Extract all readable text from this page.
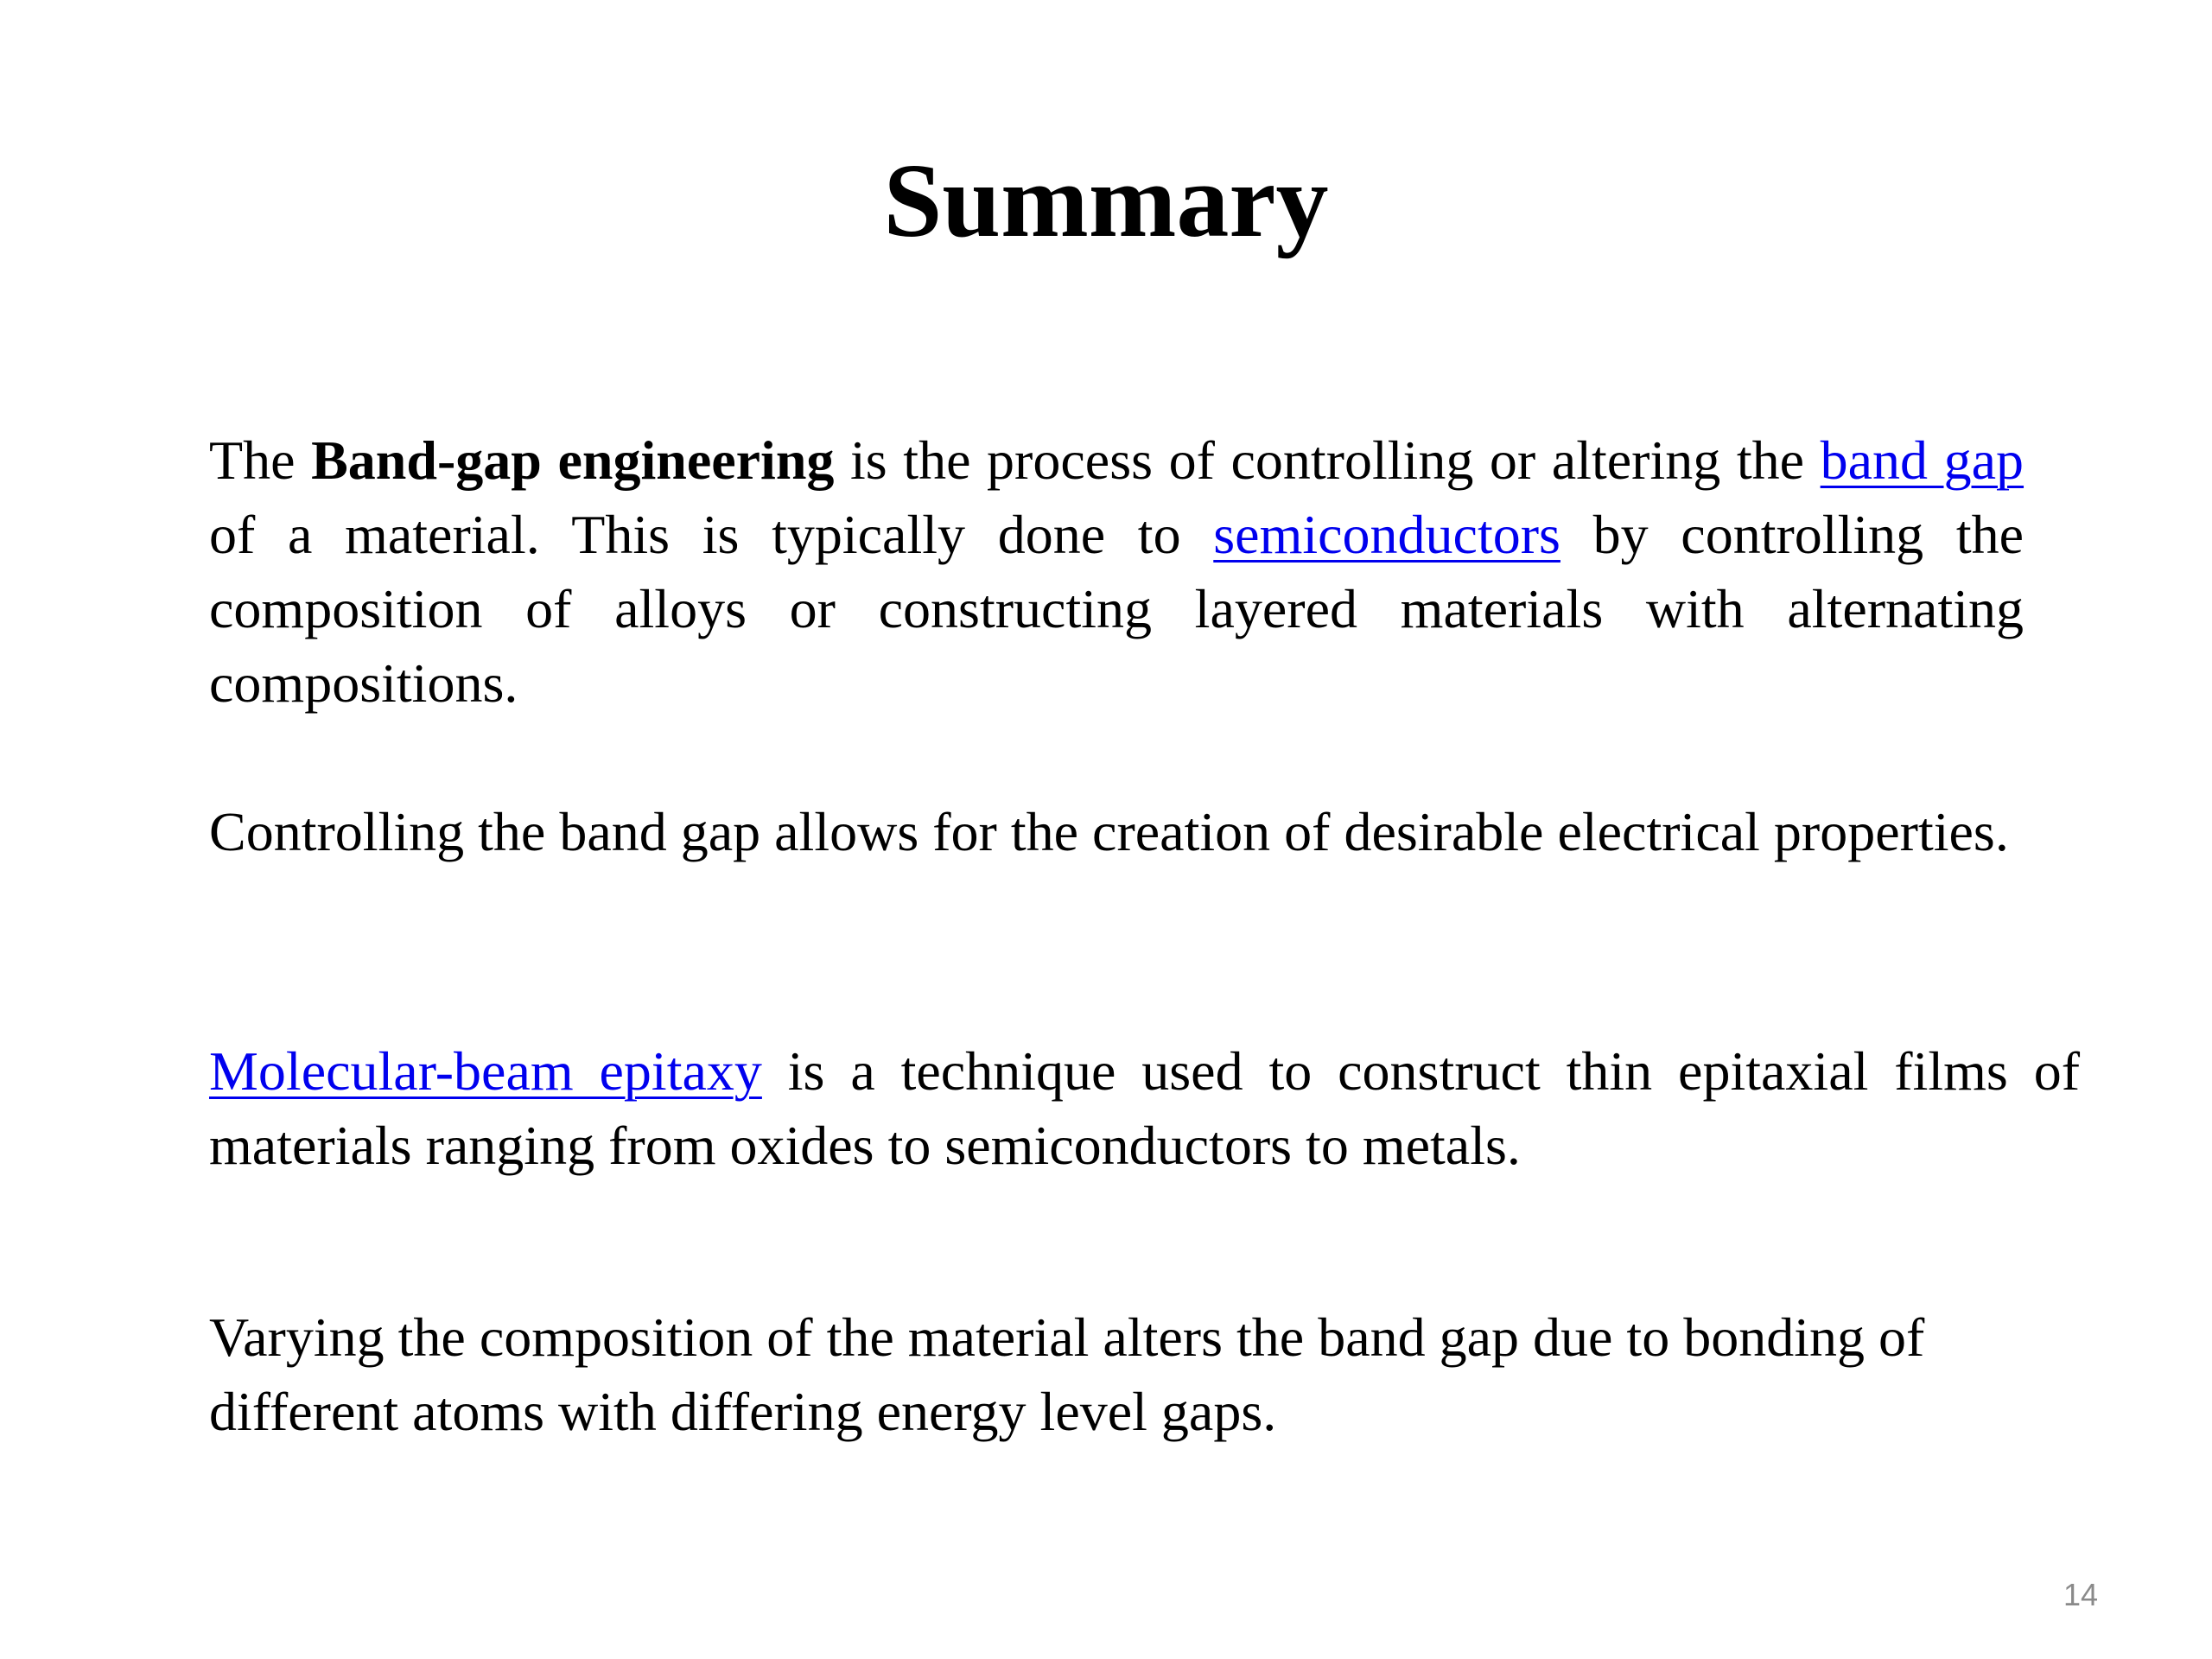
Summary

The Band-gap engineering is the process of controlling or altering the band gap of a material. This is typically done to semiconductors by controlling the composition of alloys or constructing layered materials with alternating compositions.

Controlling the band gap allows for the creation of desirable electrical properties.

Molecular-beam epitaxy is a technique used to construct thin epitaxial films of materials ranging from oxides to semiconductors to metals.

Varying the composition of the material alters the band gap due to bonding of different atoms with differing energy level gaps.

14
